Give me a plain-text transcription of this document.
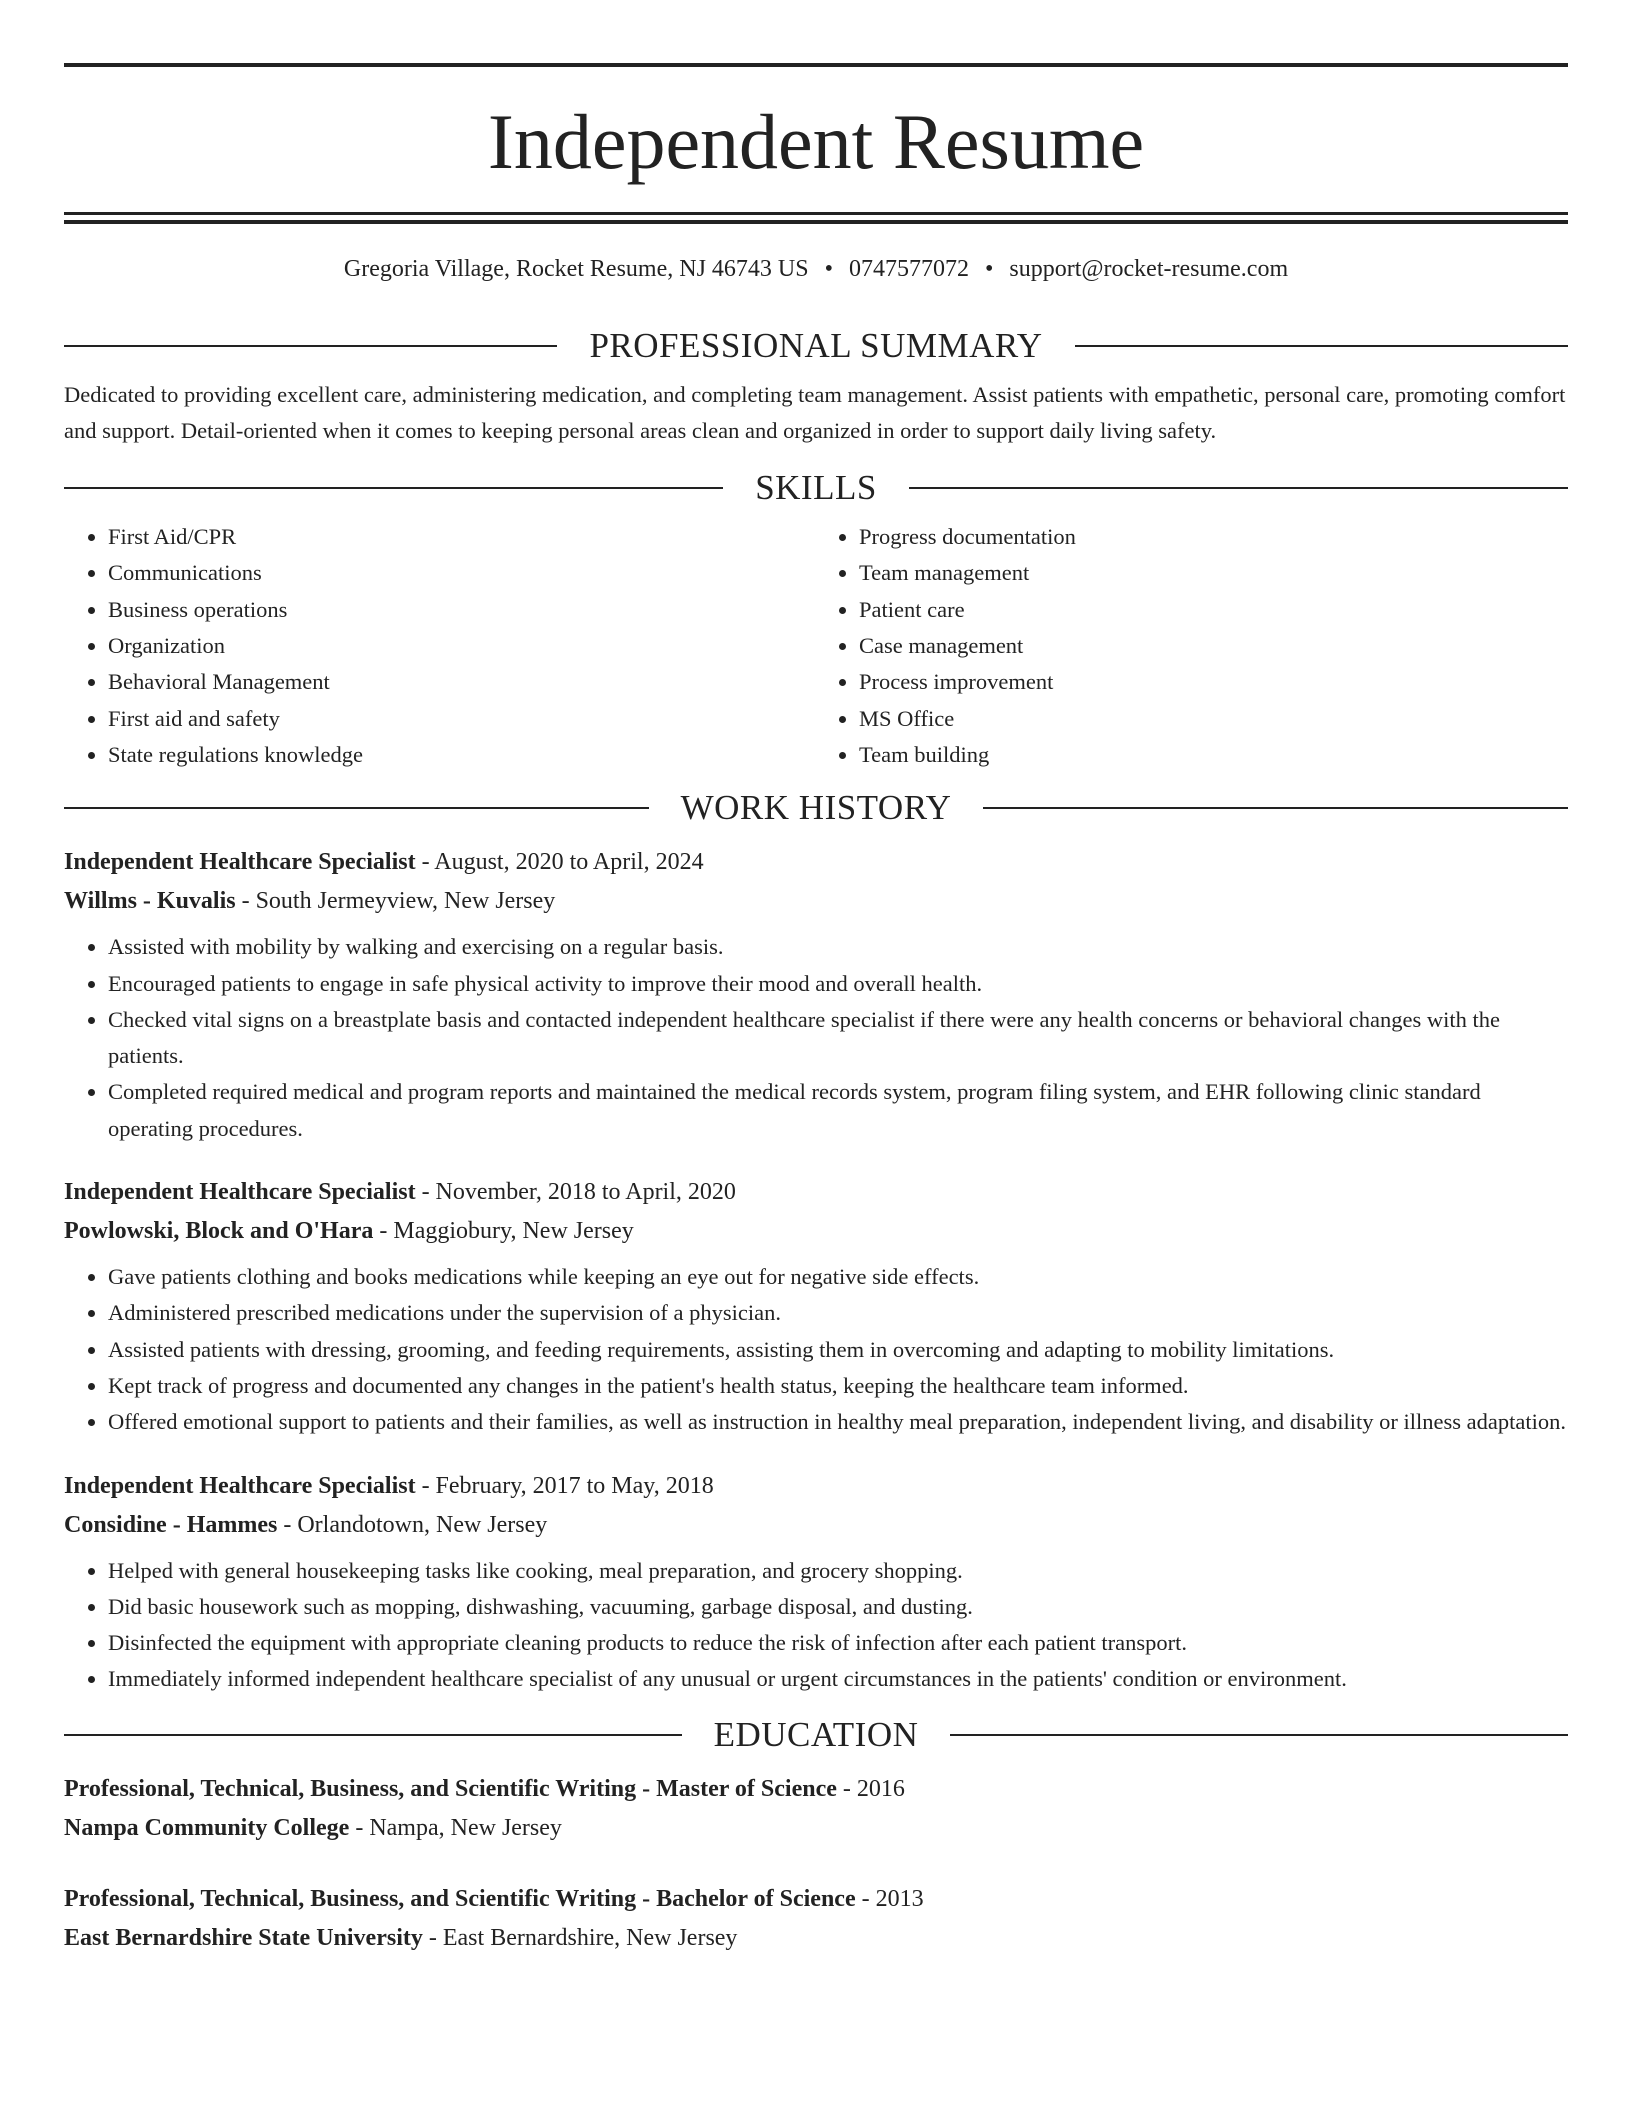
Independent Resume
Gregoria Village, Rocket Resume, NJ 46743 US • 0747577072 • support@rocket-resume.com
PROFESSIONAL SUMMARY

Dedicated to providing excellent care, administering medication, and completing team management. Assist patients with empathetic, personal care, promoting comfort and support. Detail-oriented when it comes to keeping personal areas clean and organized in order to support daily living safety.

SKILLS
• First Aid/CPR
• Communications
• Business operations
• Organization
• Behavioral Management
• First aid and safety
• State regulations knowledge
• Progress documentation
• Team management
• Patient care
• Case management
• Process improvement
• MS Office
• Team building
WORK HISTORY
Independent Healthcare Specialist - August, 2020 to April, 2024
Willms - Kuvalis - South Jermeyview, New Jersey
• Assisted with mobility by walking and exercising on a regular basis.
• Encouraged patients to engage in safe physical activity to improve their mood and overall health.
• Checked vital signs on a breastplate basis and contacted independent healthcare specialist if there were any health concerns or behavioral changes with the patients.
• Completed required medical and program reports and maintained the medical records system, program filing system, and EHR following clinic standard operating procedures.
Independent Healthcare Specialist - November, 2018 to April, 2020
Powlowski, Block and O'Hara - Maggiobury, New Jersey
• Gave patients clothing and books medications while keeping an eye out for negative side effects.
• Administered prescribed medications under the supervision of a physician.
• Assisted patients with dressing, grooming, and feeding requirements, assisting them in overcoming and adapting to mobility limitations.
• Kept track of progress and documented any changes in the patient's health status, keeping the healthcare team informed.
• Offered emotional support to patients and their families, as well as instruction in healthy meal preparation, independent living, and disability or illness adaptation.
Independent Healthcare Specialist - February, 2017 to May, 2018
Considine - Hammes - Orlandotown, New Jersey
• Helped with general housekeeping tasks like cooking, meal preparation, and grocery shopping.
• Did basic housework such as mopping, dishwashing, vacuuming, garbage disposal, and dusting.
• Disinfected the equipment with appropriate cleaning products to reduce the risk of infection after each patient transport.
• Immediately informed independent healthcare specialist of any unusual or urgent circumstances in the patients' condition or environment.
EDUCATION
Professional, Technical, Business, and Scientific Writing - Master of Science - 2016
Nampa Community College - Nampa, New Jersey
Professional, Technical, Business, and Scientific Writing - Bachelor of Science - 2013
East Bernardshire State University - East Bernardshire, New Jersey
